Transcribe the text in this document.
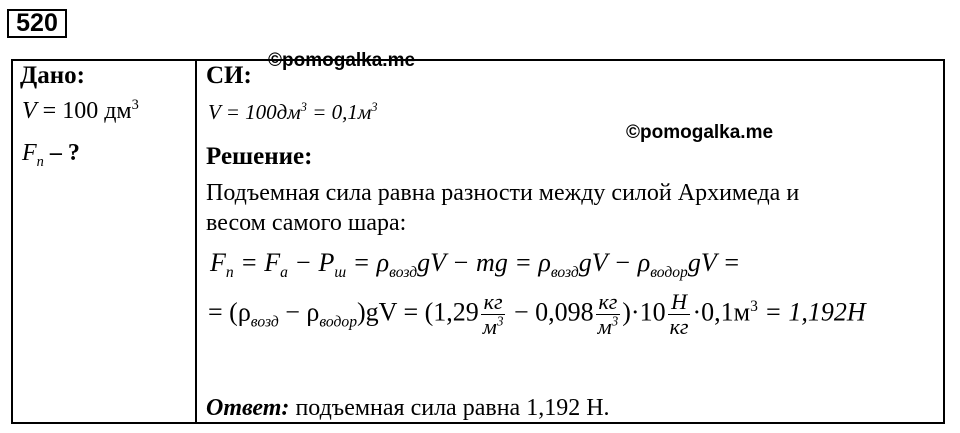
520
©pomogalka.me
©pomogalka.me
Дано:
V = 100 $дм^3$
$F_п$ – ?
СИ:
$V = 100дм^3 = 0,1м^3$
Решение:
Подъемная сила равна разности между силой Архимеда и
весом самого шара:
$F_п = F_а - P_ш = \rho_{возд}gV$ − mg = $\rho_{возд}gV - \rho_{водор}gV$ =
= $(\rho_{возд} - \rho_{водор})gV = (1,29 \frac{кг}{м^3} - 0,098 \frac{кг}{м^3} )\cdot 10 \frac{Н}{кг} \cdot 0,1м^3 = 1,192Н$
Ответ: подъемная сила равна 1,192 Н.
